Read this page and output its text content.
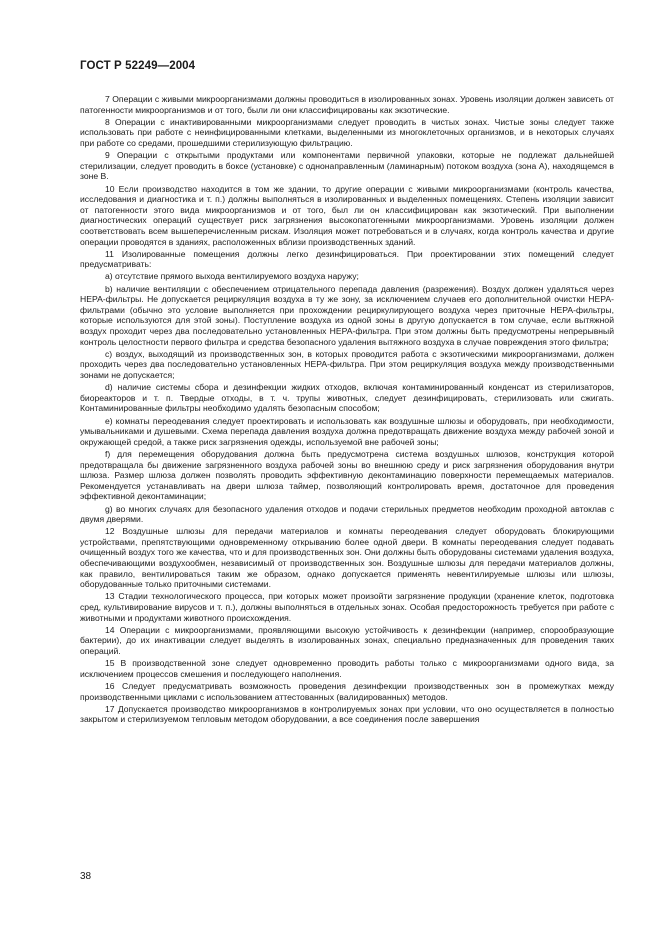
ГОСТ Р 52249—2004

7 Операции с живыми микроорганизмами должны проводиться в изолированных зонах. Уровень изоляции должен зависеть от патогенности микроорганизмов и от того, были ли они классифицированы как экзотические.

8 Операции с инактивированными микроорганизмами следует проводить в чистых зонах. Чистые зоны следует также использовать при работе с неинфицированными клетками, выделенными из многоклеточных организмов, и в некоторых случаях при работе со средами, прошедшими стерилизующую фильтрацию.

9 Операции с открытыми продуктами или компонентами первичной упаковки, которые не подлежат дальнейшей стерилизации, следует проводить в боксе (установке) с однонаправленным (ламинарным) потоком воздуха (зона А), находящемся в зоне В.

10 Если производство находится в том же здании, то другие операции с живыми микроорганизмами (контроль качества, исследования и диагностика и т. п.) должны выполняться в изолированных и выделенных помещениях. Степень изоляции зависит от патогенности этого вида микроорганизмов и от того, был ли он классифицирован как экзотический. При выполнении диагностических операций существует риск загрязнения высокопатогенными микроорганизмами. Уровень изоляции должен соответствовать всем вышеперечисленным рискам. Изоляция может потребоваться и в случаях, когда контроль качества и другие операции проводятся в зданиях, расположенных вблизи производственных зданий.

11 Изолированные помещения должны легко дезинфицироваться. При проектировании этих помещений следует предусматривать:

а) отсутствие прямого выхода вентилируемого воздуха наружу;

b) наличие вентиляции с обеспечением отрицательного перепада давления (разрежения). Воздух должен удаляться через НЕРА-фильтры. Не допускается рециркуляция воздуха в ту же зону, за исключением случаев его дополнительной очистки НЕРА-фильтрами (обычно это условие выполняется при прохождении рециркулирующего воздуха через приточные НЕРА-фильтры, которые используются для этой зоны). Поступление воздуха из одной зоны в другую допускается в том случае, если вытяжной воздух проходит через два последовательно установленных НЕРА-фильтра. При этом должны быть предусмотрены непрерывный контроль целостности первого фильтра и средства безопасного удаления вытяжного воздуха в случае повреждения этого фильтра;

с) воздух, выходящий из производственных зон, в которых проводится работа с экзотическими микроорганизмами, должен проходить через два последовательно установленных НЕРА-фильтра. При этом рециркуляция воздуха между производственными зонами не допускается;

d) наличие системы сбора и дезинфекции жидких отходов, включая контаминированный конденсат из стерилизаторов, биореакторов и т. п. Твердые отходы, в т. ч. трупы животных, следует дезинфицировать, стерилизовать или сжигать. Контаминированные фильтры необходимо удалять безопасным способом;

е) комнаты переодевания следует проектировать и использовать как воздушные шлюзы и оборудовать, при необходимости, умывальниками и душевыми. Схема перепада давления воздуха должна предотвращать движение воздуха между рабочей зоной и окружающей средой, а также риск загрязнения одежды, используемой вне рабочей зоны;

f) для перемещения оборудования должна быть предусмотрена система воздушных шлюзов, конструкция которой предотвращала бы движение загрязненного воздуха рабочей зоны во внешнюю среду и риск загрязнения оборудования внутри шлюза. Размер шлюза должен позволять проводить эффективную деконтаминацию поверхности перемещаемых материалов. Рекомендуется устанавливать на двери шлюза таймер, позволяющий контролировать время, достаточное для проведения эффективной деконтаминации;

g) во многих случаях для безопасного удаления отходов и подачи стерильных предметов необходим проходной автоклав с двумя дверями.

12 Воздушные шлюзы для передачи материалов и комнаты переодевания следует оборудовать блокирующими устройствами, препятствующими одновременному открыванию более одной двери. В комнаты переодевания следует подавать очищенный воздух того же качества, что и для производственных зон. Они должны быть оборудованы системами удаления воздуха, обеспечивающими воздухообмен, независимый от производственных зон. Воздушные шлюзы для передачи материалов должны, как правило, вентилироваться таким же образом, однако допускается применять невентилируемые шлюзы или шлюзы, оборудованные только приточными системами.

13 Стадии технологического процесса, при которых может произойти загрязнение продукции (хранение клеток, подготовка сред, культивирование вирусов и т. п.), должны выполняться в отдельных зонах. Особая предосторожность требуется при работе с животными и продуктами животного происхождения.

14 Операции с микроорганизмами, проявляющими высокую устойчивость к дезинфекции (например, спорообразующие бактерии), до их инактивации следует выделять в изолированных зонах, специально предназначенных для проведения таких операций.

15 В производственной зоне следует одновременно проводить работы только с микроорганизмами одного вида, за исключением процессов смешения и последующего наполнения.

16 Следует предусматривать возможность проведения дезинфекции производственных зон в промежутках между производственными циклами с использованием аттестованных (валидированных) методов.

17 Допускается производство микроорганизмов в контролируемых зонах при условии, что оно осуществляется в полностью закрытом и стерилизуемом тепловым методом оборудовании, а все соединения после завершения

38
